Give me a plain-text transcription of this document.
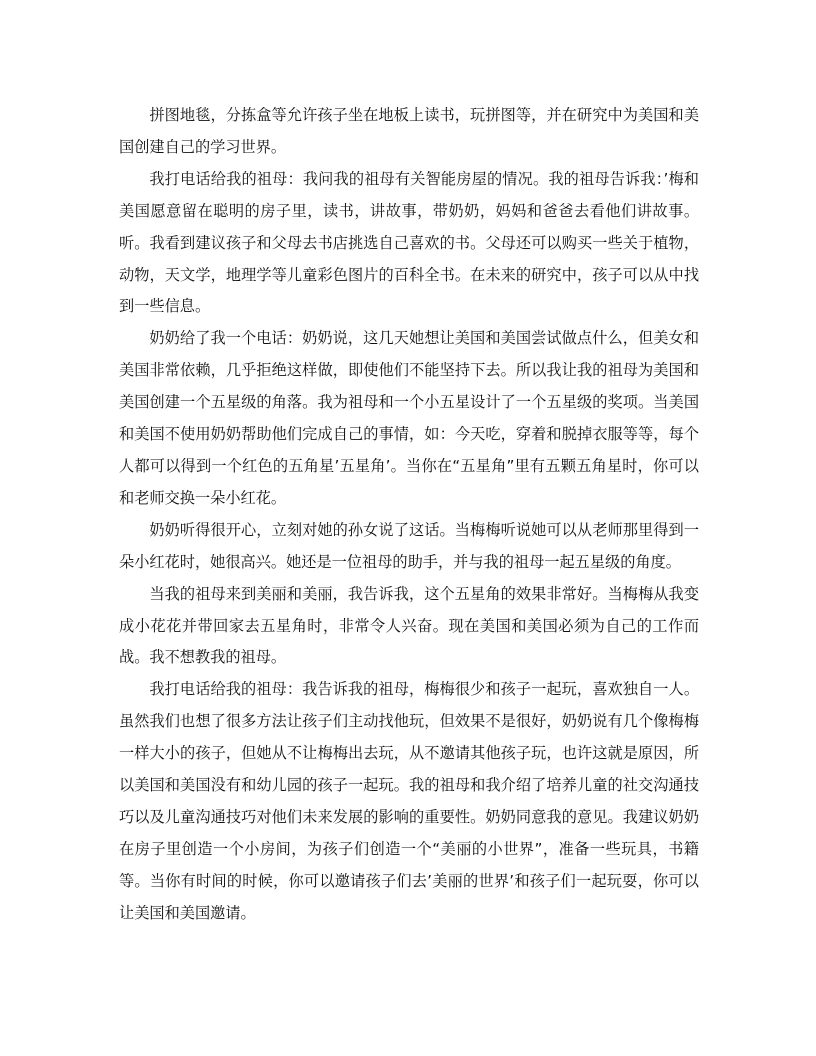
拼图地毯，分拣盒等允许孩子坐在地板上读书，玩拼图等，并在研究中为美国和美国创建自己的学习世界。

我打电话给我的祖母：我问我的祖母有关智能房屋的情况。我的祖母告诉我：’梅和美国愿意留在聪明的房子里，读书，讲故事，带奶奶，妈妈和爸爸去看他们讲故事。听。我看到建议孩子和父母去书店挑选自己喜欢的书。父母还可以购买一些关于植物，动物，天文学，地理学等儿童彩色图片的百科全书。在未来的研究中，孩子可以从中找到一些信息。

奶奶给了我一个电话：奶奶说，这几天她想让美国和美国尝试做点什么，但美女和美国非常依赖，几乎拒绝这样做，即使他们不能坚持下去。所以我让我的祖母为美国和美国创建一个五星级的角落。我为祖母和一个小五星设计了一个五星级的奖项。当美国和美国不使用奶奶帮助他们完成自己的事情，如：今天吃，穿着和脱掉衣服等等，每个人都可以得到一个红色的五角星’五星角’。当你在“五星角”里有五颗五角星时，你可以和老师交换一朵小红花。

奶奶听得很开心，立刻对她的孙女说了这话。当梅梅听说她可以从老师那里得到一朵小红花时，她很高兴。她还是一位祖母的助手，并与我的祖母一起五星级的角度。

当我的祖母来到美丽和美丽，我告诉我，这个五星角的效果非常好。当梅梅从我变成小花花并带回家去五星角时，非常令人兴奋。现在美国和美国必须为自己的工作而战。我不想教我的祖母。

我打电话给我的祖母：我告诉我的祖母，梅梅很少和孩子一起玩，喜欢独自一人。虽然我们也想了很多方法让孩子们主动找他玩，但效果不是很好，奶奶说有几个像梅梅一样大小的孩子，但她从不让梅梅出去玩，从不邀请其他孩子玩，也许这就是原因，所以美国和美国没有和幼儿园的孩子一起玩。我的祖母和我介绍了培养儿童的社交沟通技巧以及儿童沟通技巧对他们未来发展的影响的重要性。奶奶同意我的意见。我建议奶奶在房子里创造一个小房间，为孩子们创造一个“美丽的小世界”，准备一些玩具，书籍等。当你有时间的时候，你可以邀请孩子们去’美丽的世界’和孩子们一起玩耍，你可以让美国和美国邀请。
